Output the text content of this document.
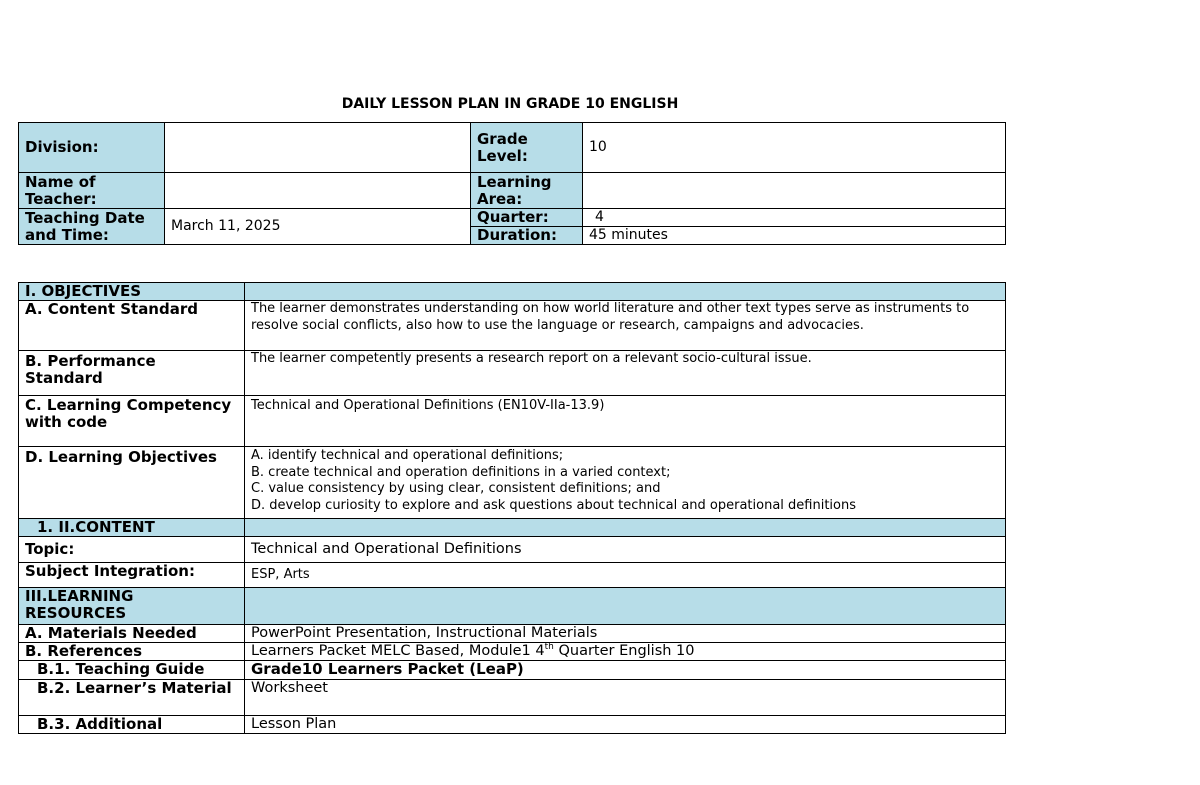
DAILY LESSON PLAN IN GRADE 10 ENGLISH
Division:		Grade Level:	10
Name of Teacher:		Learning Area:	
Teaching Date and Time:	March 11, 2025	Quarter:	4
		Duration:	45 minutes
I. OBJECTIVES	
A. Content Standard	The learner demonstrates understanding on how world literature and other text types serve as instruments to resolve social conflicts, also how to use the language or research, campaigns and advocacies.
B. Performance Standard	The learner competently presents a research report on a relevant socio-cultural issue.
C. Learning Competency with code	Technical and Operational Definitions (EN10V-IIa-13.9)
D. Learning Objectives	A. identify technical and operational definitions;
B. create technical and operation definitions in a varied context;
C. value consistency by using clear, consistent definitions; and
D. develop curiosity to explore and ask questions about technical and operational definitions

1. II.CONTENT	
Topic:	Technical and Operational Definitions
Subject Integration:	ESP, Arts
III.LEARNING RESOURCES	
A. Materials Needed	PowerPoint Presentation, Instructional Materials
B. References	Learners Packet MELC Based, Module1 4th Quarter English 10
B.1. Teaching Guide	Grade10 Learners Packet (LeaP)
B.2. Learner’s Material	Worksheet
B.3. Additional	Lesson Plan
